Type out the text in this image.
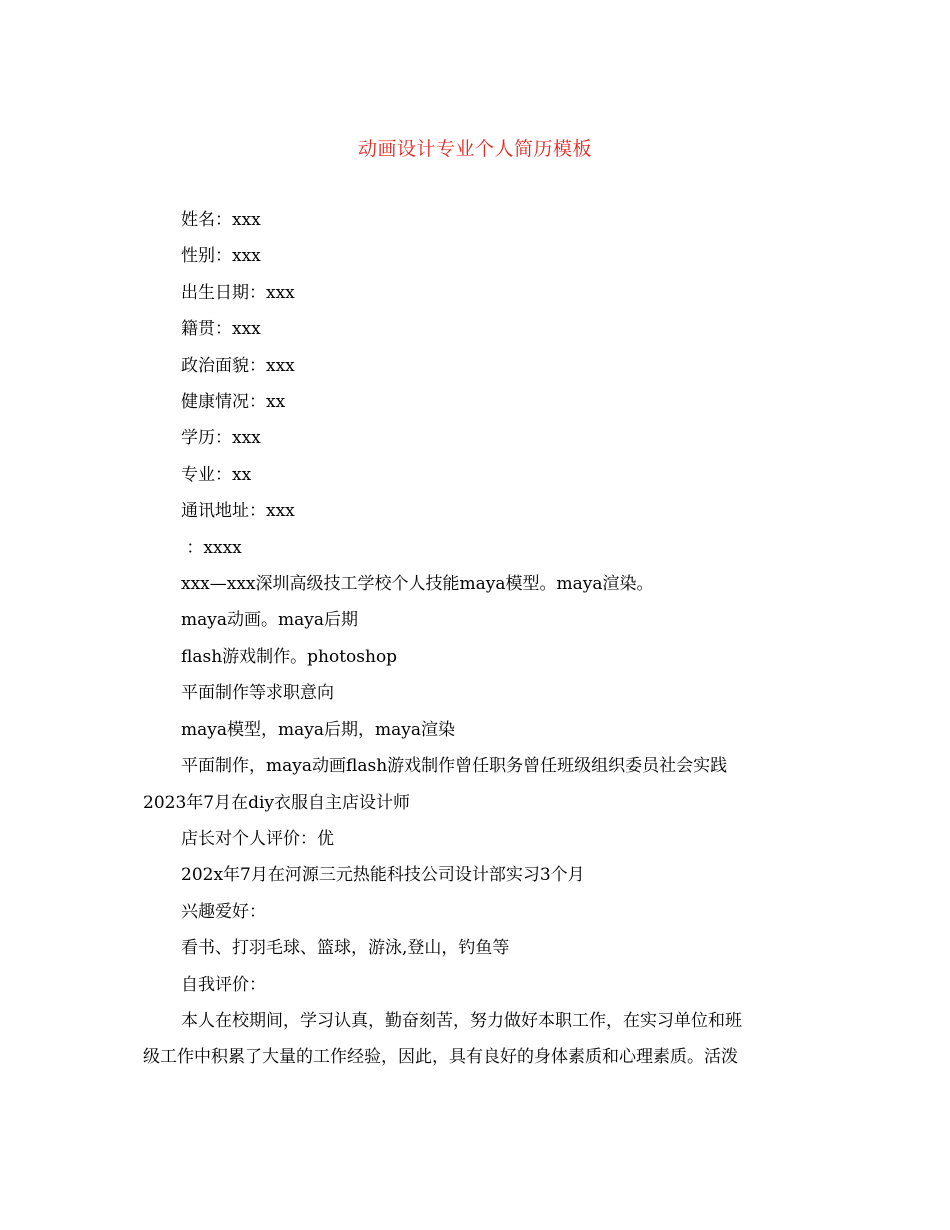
动画设计专业个人简历模板
姓名：xxx
性别：xxx
出生日期：xxx
籍贯：xxx
政治面貌：xxx
健康情况：xx
学历：xxx
专业：xx
通讯地址：xxx
：xxxx
xxx—xxx深圳高级技工学校个人技能maya模型。maya渲染。
maya动画。maya后期
flash游戏制作。photoshop
平面制作等求职意向
maya模型，maya后期，maya渲染
平面制作，maya动画flash游戏制作曾任职务曾任班级组织委员社会实践
2023年7月在diy衣服自主店设计师
店长对个人评价：优
202x年7月在河源三元热能科技公司设计部实习3个月
兴趣爱好：
看书、打羽毛球、篮球，游泳,登山，钓鱼等
自我评价：
本人在校期间，学习认真，勤奋刻苦，努力做好本职工作，在实习单位和班
级工作中积累了大量的工作经验，因此，具有良好的身体素质和心理素质。活泼
